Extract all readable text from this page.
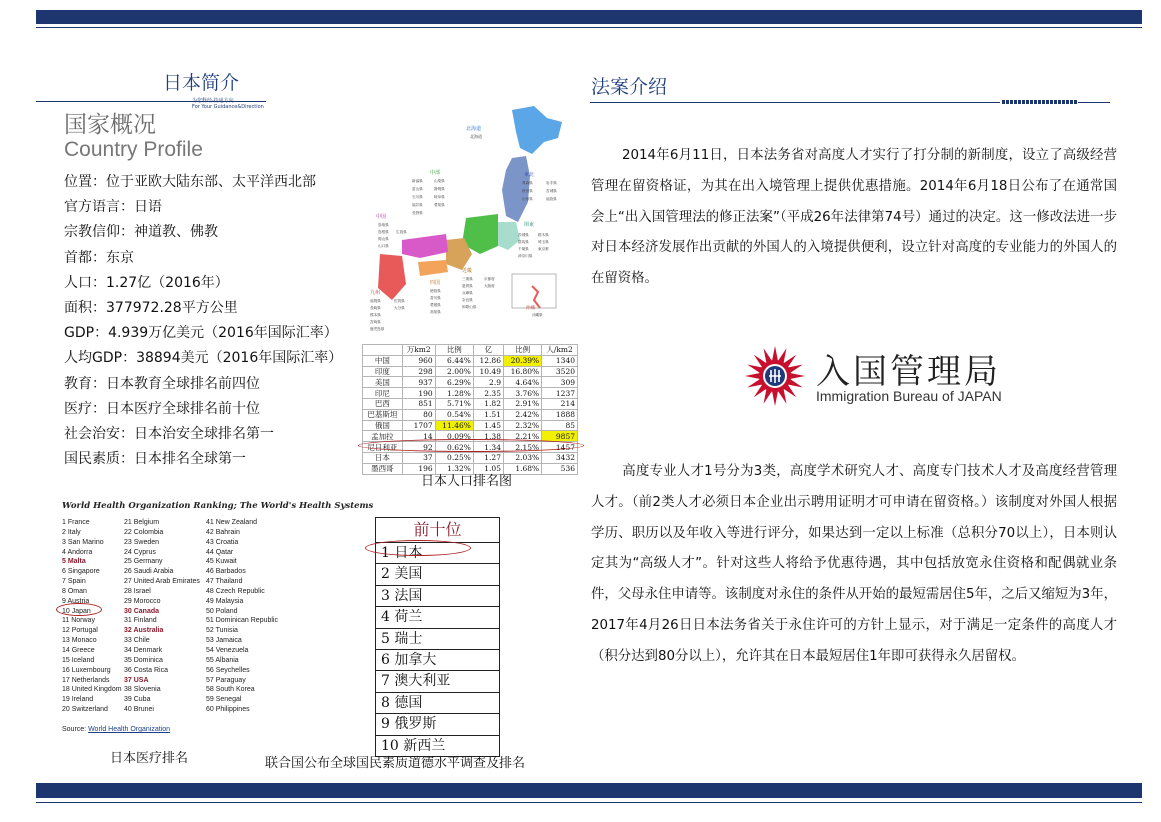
日本简介
为您释经·指通方向
For Your Guidance&Direction
法案介绍
国家概况
Country Profile
位置：位于亚欧大陆东部、太平洋西北部
官方语言：日语
宗教信仰：神道教、佛教
首都：东京
人口：1.27亿（2016年）
面积：377972.28平方公里
GDP：4.939万亿美元（2016年国际汇率）
人均GDP：38894美元（2016年国际汇率）
教育：日本教育全球排名前四位
医疗：日本医疗全球排名前十位
社会治安：日本治安全球排名第一
国民素质：日本排名全球第一
北海道
北海道
東北
中部
中国
関東
近畿
九州
四国
沖縄
沖縄県
新潟県
富山県
石川県
福井県
長野県
山梨県
静岡県
岐阜県
愛知県
青森県
秋田県
山形県
岩手県
宮城県
福島県
鳥取県
島根県
岡山県
広島県
山口県
茨城県
群馬県
千葉県
神奈川県
栃木県
埼玉県
東京都
三重県
滋賀県
兵庫県
奈良県
和歌山県
京都府
大阪府
徳島県
香川県
愛媛県
高知県
福岡県
長崎県
熊本県
宮崎県
鹿児島県
佐賀県
大分県
	万km2	比例	亿	比例	人/km2
中国	960	6.44%	12.86	20.39%	1340
印度	298	2.00%	10.49	16.80%	3520
美国	937	6.29%	2.9	4.64%	309
印尼	190	1.28%	2.35	3.76%	1237
巴西	851	5.71%	1.82	2.91%	214
巴基斯坦	80	0.54%	1.51	2.42%	1888
俄国	1707	11.46%	1.45	2.32%	85
孟加拉	14	0.09%	1.38	2.21%	9857
尼日利亚	92	0.62%	1.34	2.15%	1457
日本	37	0.25%	1.27	2.03%	3432
墨西哥	196	1.32%	1.05	1.68%	536
日本人口排名图
World Health Organization Ranking; The World's Health Systems
1 France
2 Italy
3 San Marino
4 Andorra
5 Malta
6 Singapore
7 Spain
8 Oman
9 Austria
10 Japan
11 Norway
12 Portugal
13 Monaco
14 Greece
15 Iceland
16 Luxembourg
17 Netherlands
18 United Kingdom
19 Ireland
20 Switzerland
21 Belgium
22 Colombia
23 Sweden
24 Cyprus
25 Germany
26 Saudi Arabia
27 United Arab Emirates
28 Israel
29 Morocco
30 Canada
31 Finland
32 Australia
33 Chile
34 Denmark
35 Dominica
36 Costa Rica
37 USA
38 Slovenia
39 Cuba
40 Brunei
41 New Zealand
42 Bahrain
43 Croatia
44 Qatar
45 Kuwait
46 Barbados
47 Thailand
48 Czech Republic
49 Malaysia
50 Poland
51 Dominican Republic
52 Tunisia
53 Jamaica
54 Venezuela
55 Albania
56 Seychelles
57 Paraguay
58 South Korea
59 Senegal
60 Philippines
Source: World Health Organization
日本医疗排名
前十位
1 日本
2 美国
3 法国
4 荷兰
5 瑞士
6 加拿大
7 澳大利亚
8 德国
9 俄罗斯
10 新西兰
联合国公布全球国民素质道德水平调查及排名

2014年6月11日，日本法务省对高度人才实行了打分制的新制度，设立了高级经营管理在留资格证，为其在出入境管理上提供优惠措施。2014年6月18日公布了在通常国会上“出入国管理法的修正法案”（平成26年法律第74号）通过的决定。这一修改法进一步对日本经济发展作出贡献的外国人的入境提供便利，设立针对高度的专业能力的外国人的在留资格。

入国管理局
Immigration Bureau of JAPAN

高度专业人才1号分为3类，高度学术研究人才、高度专门技术人才及高度经营管理人才。（前2类人才必须日本企业出示聘用证明才可申请在留资格。）该制度对外国人根据学历、职历以及年收入等进行评分，如果达到一定以上标准（总积分70以上），日本则认定其为“高级人才”。针对这些人将给予优惠待遇，其中包括放宽永住资格和配偶就业条件，父母永住申请等。该制度对永住的条件从开始的最短需居住5年，之后又缩短为3年，2017年4月26日日本法务省关于永住许可的方针上显示，对于满足一定条件的高度人才（积分达到80分以上），允许其在日本最短居住1年即可获得永久居留权。
